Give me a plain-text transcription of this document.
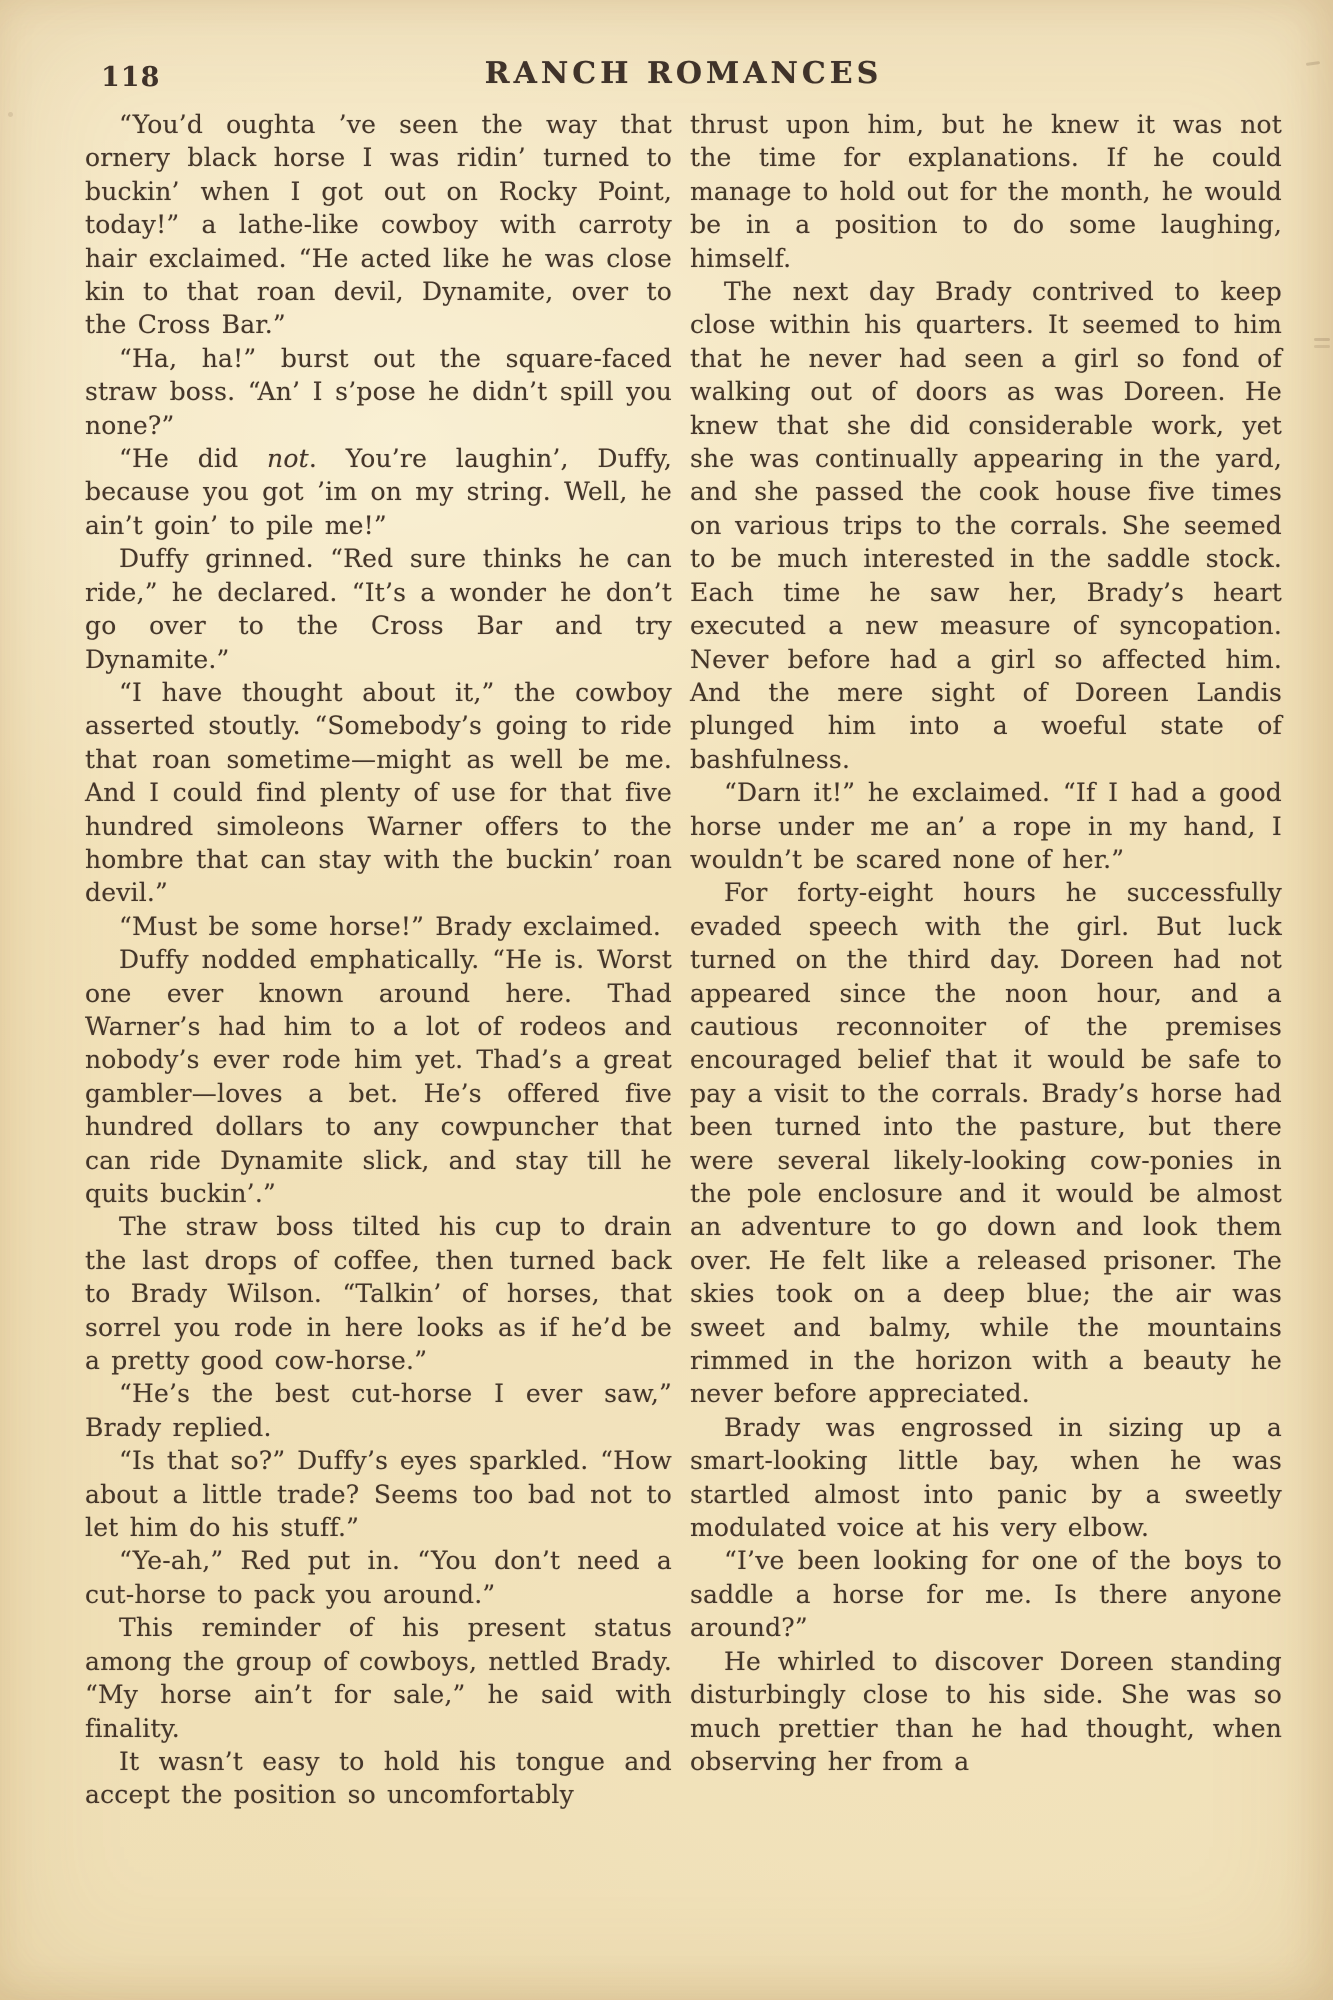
118	RANCH ROMANCES

“You’d oughta ’ve seen the way that ornery black horse I was ridin’ turned to buckin’ when I got out on Rocky Point, today!” a lathe-like cowboy with carroty hair exclaimed. “He acted like he was close kin to that roan devil, Dynamite, over to the Cross Bar.”

“Ha, ha!” burst out the square-faced straw boss. “An’ I s’pose he didn’t spill you none?”

“He did not. You’re laughin’, Duffy, because you got ’im on my string. Well, he ain’t goin’ to pile me!”

Duffy grinned. “Red sure thinks he can ride,” he declared. “It’s a wonder he don’t go over to the Cross Bar and try Dynamite.”

“I have thought about it,” the cowboy asserted stoutly. “Somebody’s going to ride that roan sometime—might as well be me. And I could find plenty of use for that five hundred simoleons Warner offers to the hombre that can stay with the buckin’ roan devil.”

“Must be some horse!” Brady exclaimed.

Duffy nodded emphatically. “He is. Worst one ever known around here. Thad Warner’s had him to a lot of rodeos and nobody’s ever rode him yet. Thad’s a great gambler—loves a bet. He’s offered five hundred dollars to any cowpuncher that can ride Dynamite slick, and stay till he quits buckin’.”

The straw boss tilted his cup to drain the last drops of coffee, then turned back to Brady Wilson. “Talkin’ of horses, that sorrel you rode in here looks as if he’d be a pretty good cow-horse.”

“He’s the best cut-horse I ever saw,” Brady replied.

“Is that so?” Duffy’s eyes sparkled. “How about a little trade? Seems too bad not to let him do his stuff.”

“Ye-ah,” Red put in. “You don’t need a cut-horse to pack you around.”

This reminder of his present status among the group of cowboys, nettled Brady. “My horse ain’t for sale,” he said with finality.

It wasn’t easy to hold his tongue and accept the position so uncomfortably

thrust upon him, but he knew it was not the time for explanations. If he could manage to hold out for the month, he would be in a position to do some laughing, himself.

The next day Brady contrived to keep close within his quarters. It seemed to him that he never had seen a girl so fond of walking out of doors as was Doreen. He knew that she did considerable work, yet she was continually appearing in the yard, and she passed the cook house five times on various trips to the corrals. She seemed to be much interested in the saddle stock. Each time he saw her, Brady’s heart executed a new measure of syncopation. Never before had a girl so affected him. And the mere sight of Doreen Landis plunged him into a woeful state of bashfulness.

“Darn it!” he exclaimed. “If I had a good horse under me an’ a rope in my hand, I wouldn’t be scared none of her.”

For forty-eight hours he successfully evaded speech with the girl. But luck turned on the third day. Doreen had not appeared since the noon hour, and a cautious reconnoiter of the premises encouraged belief that it would be safe to pay a visit to the corrals. Brady’s horse had been turned into the pasture, but there were several likely-looking cow-ponies in the pole enclosure and it would be almost an adventure to go down and look them over. He felt like a released prisoner. The skies took on a deep blue; the air was sweet and balmy, while the mountains rimmed in the horizon with a beauty he never before appreciated.

Brady was engrossed in sizing up a smart-looking little bay, when he was startled almost into panic by a sweetly modulated voice at his very elbow.

“I’ve been looking for one of the boys to saddle a horse for me. Is there anyone around?”

He whirled to discover Doreen standing disturbingly close to his side. She was so much prettier than he had thought, when observing her from a
